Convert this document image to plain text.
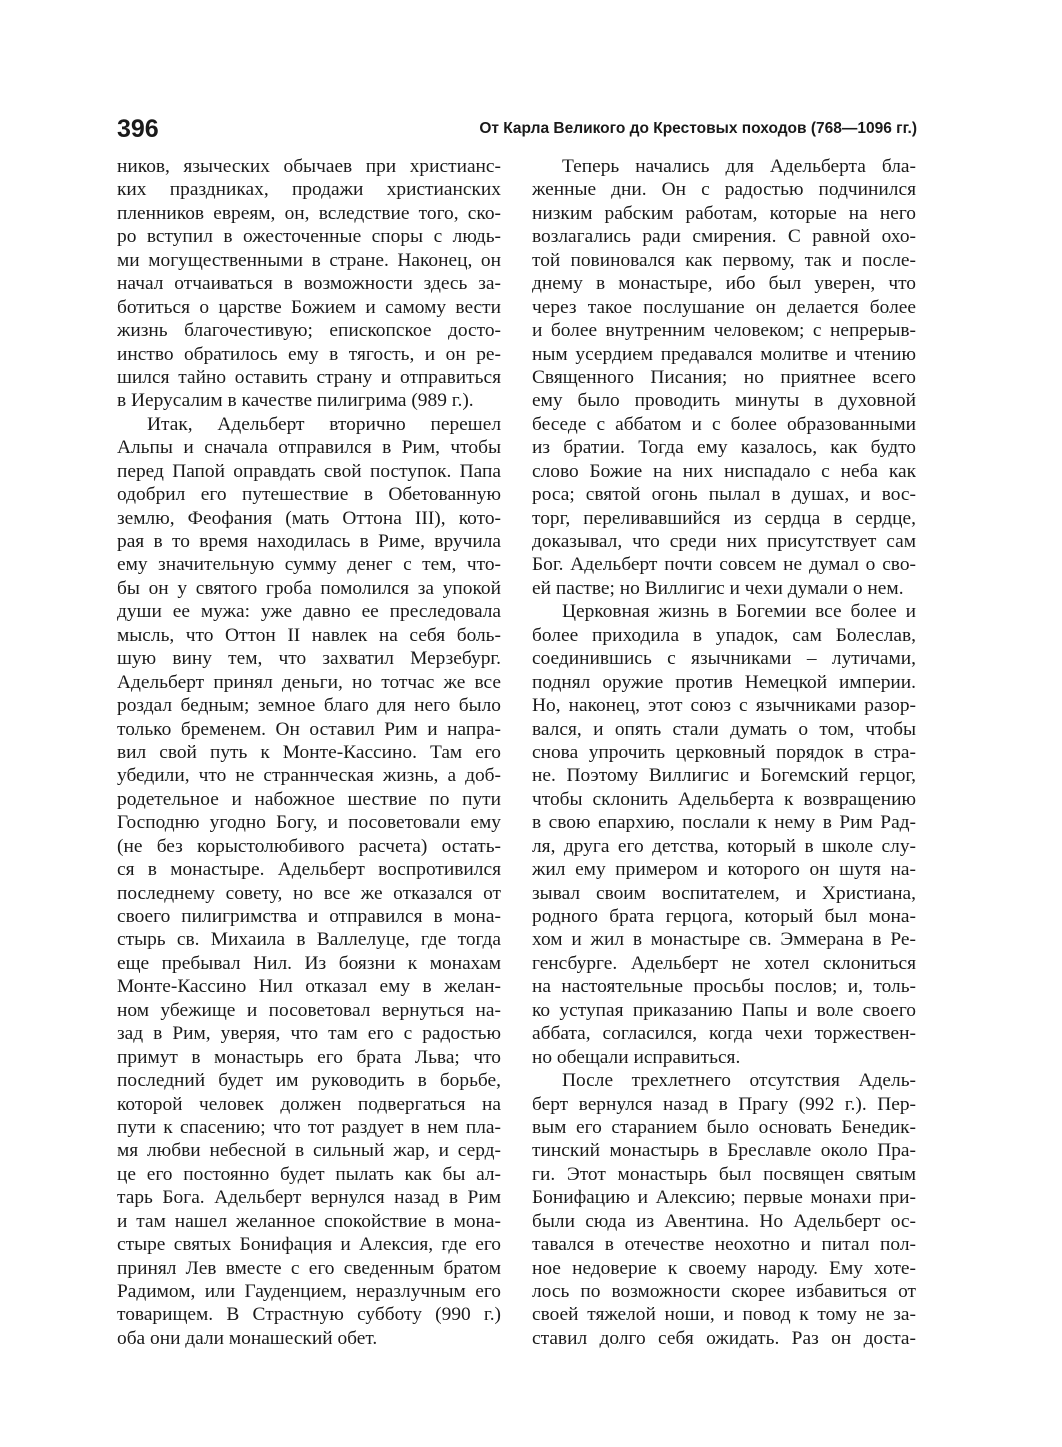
396	От Карла Великого до Крестовых походов (768—1096 гг.)
ников, языческих обычаев при христианс-
ких праздниках, продажи христианских
пленников евреям, он, вследствие того, ско-
ро вступил в ожесточенные споры с людь-
ми могущественными в стране. Наконец, он
начал отчаиваться в возможности здесь за-
ботиться о царстве Божием и самому вести
жизнь благочестивую; епископское досто-
инство обратилось ему в тягость, и он ре-
шился тайно оставить страну и отправиться
в Иерусалим в качестве пилигрима (989 г.).
Итак, Адельберт вторично перешел
Альпы и сначала отправился в Рим, чтобы
перед Папой оправдать свой поступок. Папа
одобрил его путешествие в Обетованную
землю, Феофания (мать Оттона III), кото-
рая в то время находилась в Риме, вручила
ему значительную сумму денег с тем, что-
бы он у святого гроба помолился за упокой
души ее мужа: уже давно ее преследовала
мысль, что Оттон II навлек на себя боль-
шую вину тем, что захватил Мерзебург.
Адельберт принял деньги, но тотчас же все
роздал бедным; земное благо для него было
только бременем. Он оставил Рим и напра-
вил свой путь к Монте-Кассино. Там его
убедили, что не страннческая жизнь, а доб-
родетельное и набожное шествие по пути
Господню угодно Богу, и посоветовали ему
(не без корыстолюбивого расчета) остать-
ся в монастыре. Адельберт воспротивился
последнему совету, но все же отказался от
своего пилигримства и отправился в мона-
стырь св. Михаила в Валлелуце, где тогда
еще пребывал Нил. Из боязни к монахам
Монте-Кассино Нил отказал ему в желан-
ном убежище и посоветовал вернуться на-
зад в Рим, уверяя, что там его с радостью
примут в монастырь его брата Льва; что
последний будет им руководить в борьбе,
которой человек должен подвергаться на
пути к спасению; что тот раздует в нем пла-
мя любви небесной в сильный жар, и серд-
це его постоянно будет пылать как бы ал-
тарь Бога. Адельберт вернулся назад в Рим
и там нашел желанное спокойствие в мона-
стыре святых Бонифация и Алексия, где его
принял Лев вместе с его сведенным братом
Радимом, или Гауденцием, неразлучным его
товарищем. В Страстную субботу (990 г.)
оба они дали монашеский обет.
Теперь начались для Адельберта бла-
женные дни. Он с радостью подчинился
низким рабским работам, которые на него
возлагались ради смирения. С равной охо-
той повиновался как первому, так и после-
днему в монастыре, ибо был уверен, что
через такое послушание он делается более
и более внутренним человеком; с непрерыв-
ным усердием предавался молитве и чтению
Священного Писания; но приятнее всего
ему было проводить минуты в духовной
беседе с аббатом и с более образованными
из братии. Тогда ему казалось, как будто
слово Божие на них ниспадало с неба как
роса; святой огонь пылал в душах, и вос-
торг, переливавшийся из сердца в сердце,
доказывал, что среди них присутствует сам
Бог. Адельберт почти совсем не думал о сво-
ей пастве; но Виллигис и чехи думали о нем.
Церковная жизнь в Богемии все более и
более приходила в упадок, сам Болеслав,
соединившись с язычниками – лутичами,
поднял оружие против Немецкой империи.
Но, наконец, этот союз с язычниками разор-
вался, и опять стали думать о том, чтобы
снова упрочить церковный порядок в стра-
не. Поэтому Виллигис и Богемский герцог,
чтобы склонить Адельберта к возвращению
в свою епархию, послали к нему в Рим Рад-
ля, друга его детства, который в школе слу-
жил ему примером и которого он шутя на-
зывал своим воспитателем, и Христиана,
родного брата герцога, который был мона-
хом и жил в монастыре св. Эммерана в Ре-
генсбурге. Адельберт не хотел склониться
на настоятельные просьбы послов; и, толь-
ко уступая приказанию Папы и воле своего
аббата, согласился, когда чехи торжествен-
но обещали исправиться.
После трехлетнего отсутствия Адель-
берт вернулся назад в Прагу (992 г.). Пер-
вым его старанием было основать Бенедик-
тинский монастырь в Бреславле около Пра-
ги. Этот монастырь был посвящен святым
Бонифацию и Алексию; первые монахи при-
были сюда из Авентина. Но Адельберт ос-
тавался в отечестве неохотно и питал пол-
ное недоверие к своему народу. Ему хоте-
лось по возможности скорее избавиться от
своей тяжелой ноши, и повод к тому не за-
ставил долго себя ожидать. Раз он доста-
